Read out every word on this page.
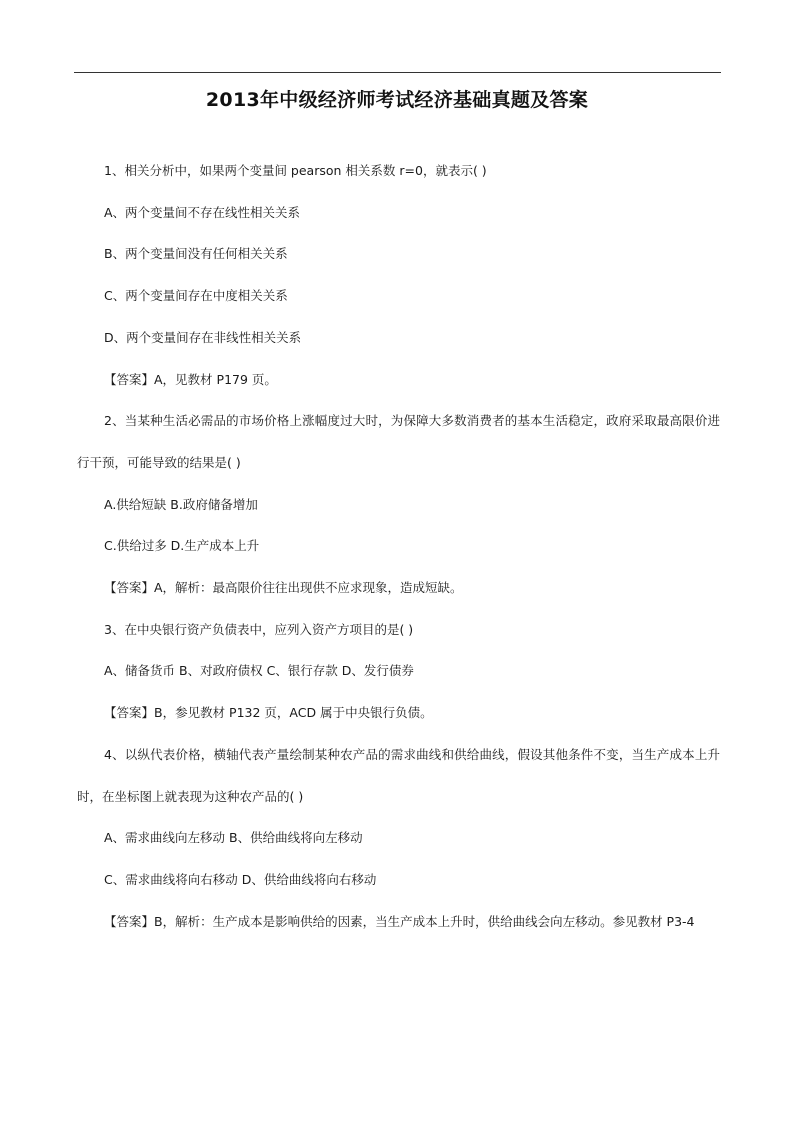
2013年中级经济师考试经济基础真题及答案

1、相关分析中，如果两个变量间 pearson 相关系数 r=0，就表示( )

A、两个变量间不存在线性相关关系

B、两个变量间没有任何相关关系

C、两个变量间存在中度相关关系

D、两个变量间存在非线性相关关系

【答案】A，见教材 P179 页。

2、当某种生活必需品的市场价格上涨幅度过大时，为保障大多数消费者的基本生活稳定，政府采取最高限价进行干预，可能导致的结果是( )

A.供给短缺 B.政府储备增加

C.供给过多 D.生产成本上升

【答案】A，解析：最高限价往往出现供不应求现象，造成短缺。

3、在中央银行资产负债表中，应列入资产方项目的是( )

A、储备货币 B、对政府债权 C、银行存款 D、发行债券

【答案】B，参见教材 P132 页，ACD 属于中央银行负债。

4、以纵代表价格，横轴代表产量绘制某种农产品的需求曲线和供给曲线，假设其他条件不变，当生产成本上升时，在坐标图上就表现为这种农产品的( )

A、需求曲线向左移动 B、供给曲线将向左移动

C、需求曲线将向右移动 D、供给曲线将向右移动

【答案】B，解析：生产成本是影响供给的因素，当生产成本上升时，供给曲线会向左移动。参见教材 P3-4
